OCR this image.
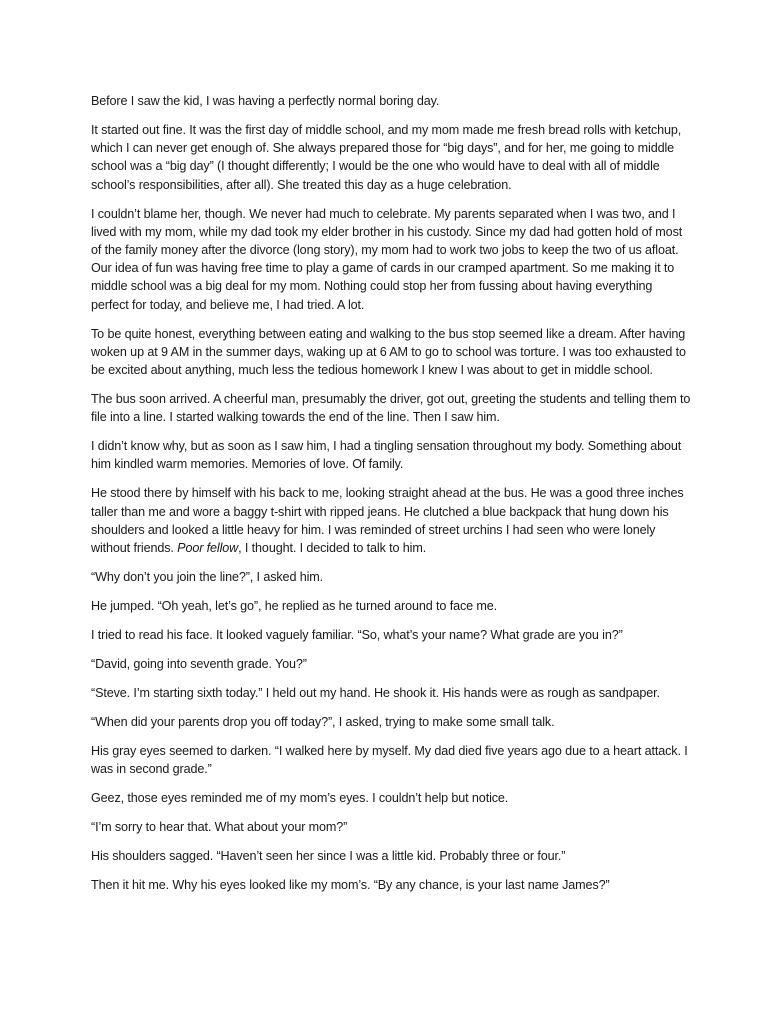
Before I saw the kid, I was having a perfectly normal boring day.

It started out fine. It was the first day of middle school, and my mom made me fresh bread rolls with ketchup, which I can never get enough of. She always prepared those for “big days”, and for her, me going to middle school was a “big day” (I thought differently; I would be the one who would have to deal with all of middle school’s responsibilities, after all). She treated this day as a huge celebration.

I couldn’t blame her, though. We never had much to celebrate. My parents separated when I was two, and I lived with my mom, while my dad took my elder brother in his custody. Since my dad had gotten hold of most of the family money after the divorce (long story), my mom had to work two jobs to keep the two of us afloat. Our idea of fun was having free time to play a game of cards in our cramped apartment. So me making it to middle school was a big deal for my mom. Nothing could stop her from fussing about having everything perfect for today, and believe me, I had tried. A lot.

To be quite honest, everything between eating and walking to the bus stop seemed like a dream. After having woken up at 9 AM in the summer days, waking up at 6 AM to go to school was torture. I was too exhausted to be excited about anything, much less the tedious homework I knew I was about to get in middle school.

The bus soon arrived. A cheerful man, presumably the driver, got out, greeting the students and telling them to file into a line. I started walking towards the end of the line. Then I saw him.

I didn’t know why, but as soon as I saw him, I had a tingling sensation throughout my body. Something about him kindled warm memories. Memories of love. Of family.

He stood there by himself with his back to me, looking straight ahead at the bus. He was a good three inches taller than me and wore a baggy t-shirt with ripped jeans. He clutched a blue backpack that hung down his shoulders and looked a little heavy for him. I was reminded of street urchins I had seen who were lonely without friends. Poor fellow, I thought. I decided to talk to him.

“Why don’t you join the line?”, I asked him.

He jumped. “Oh yeah, let’s go”, he replied as he turned around to face me.

I tried to read his face. It looked vaguely familiar. “So, what’s your name? What grade are you in?”

“David, going into seventh grade. You?”

“Steve. I’m starting sixth today.” I held out my hand. He shook it. His hands were as rough as sandpaper.

“When did your parents drop you off today?”, I asked, trying to make some small talk.

His gray eyes seemed to darken. “I walked here by myself. My dad died five years ago due to a heart attack. I was in second grade.”

Geez, those eyes reminded me of my mom’s eyes. I couldn’t help but notice.

“I’m sorry to hear that. What about your mom?”

His shoulders sagged. “Haven’t seen her since I was a little kid. Probably three or four.”

Then it hit me. Why his eyes looked like my mom’s. “By any chance, is your last name James?”
